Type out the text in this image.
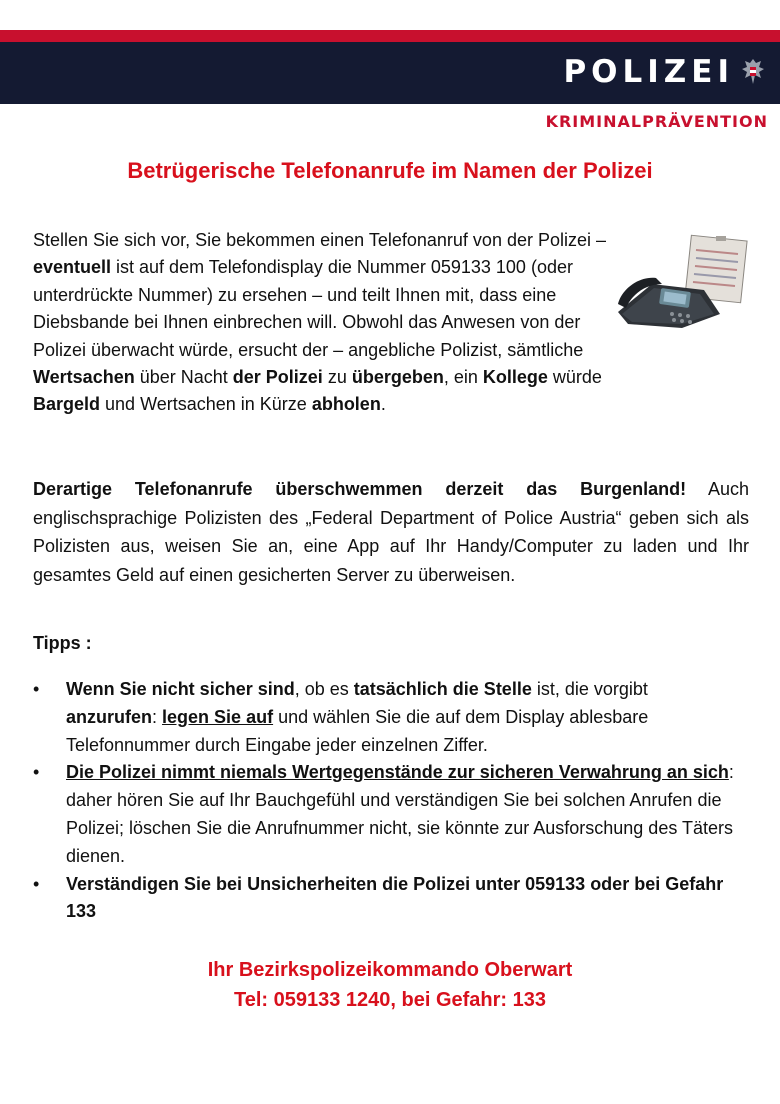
POLIZEI
KRIMINALPRÄVENTION
Betrügerische Telefonanrufe im Namen der Polizei

Stellen Sie sich vor, Sie bekommen einen Telefonanruf von der Polizei – eventuell ist auf dem Telefondisplay die Nummer 059133 100 (oder unterdrückte Nummer) zu ersehen – und teilt Ihnen mit, dass eine Diebsbande bei Ihnen einbrechen will. Obwohl das Anwesen von der Polizei überwacht würde, ersucht der – angebliche Polizist, sämtliche Wertsachen über Nacht der Polizei zu übergeben, ein Kollege würde Bargeld und Wertsachen in Kürze abholen.

Derartige Telefonanrufe überschwemmen derzeit das Burgenland! Auch englischsprachige Polizisten des „Federal Department of Police Austria“ geben sich als Polizisten aus, weisen Sie an, eine App auf Ihr Handy/Computer zu laden und Ihr gesamtes Geld auf einen gesicherten Server zu überweisen.

Tipps :
• Wenn Sie nicht sicher sind, ob es tatsächlich die Stelle ist, die vorgibt anzurufen: legen Sie auf und wählen Sie die auf dem Display ablesbare Telefonnummer durch Eingabe jeder einzelnen Ziffer.
• Die Polizei nimmt niemals Wertgegenstände zur sicheren Verwahrung an sich: daher hören Sie auf Ihr Bauchgefühl und verständigen Sie bei solchen Anrufen die Polizei; löschen Sie die Anrufnummer nicht, sie könnte zur Ausforschung des Täters dienen.
• Verständigen Sie bei Unsicherheiten die Polizei unter 059133 oder bei Gefahr 133
Ihr Bezirkspolizeikommando Oberwart
Tel: 059133 1240, bei Gefahr: 133
